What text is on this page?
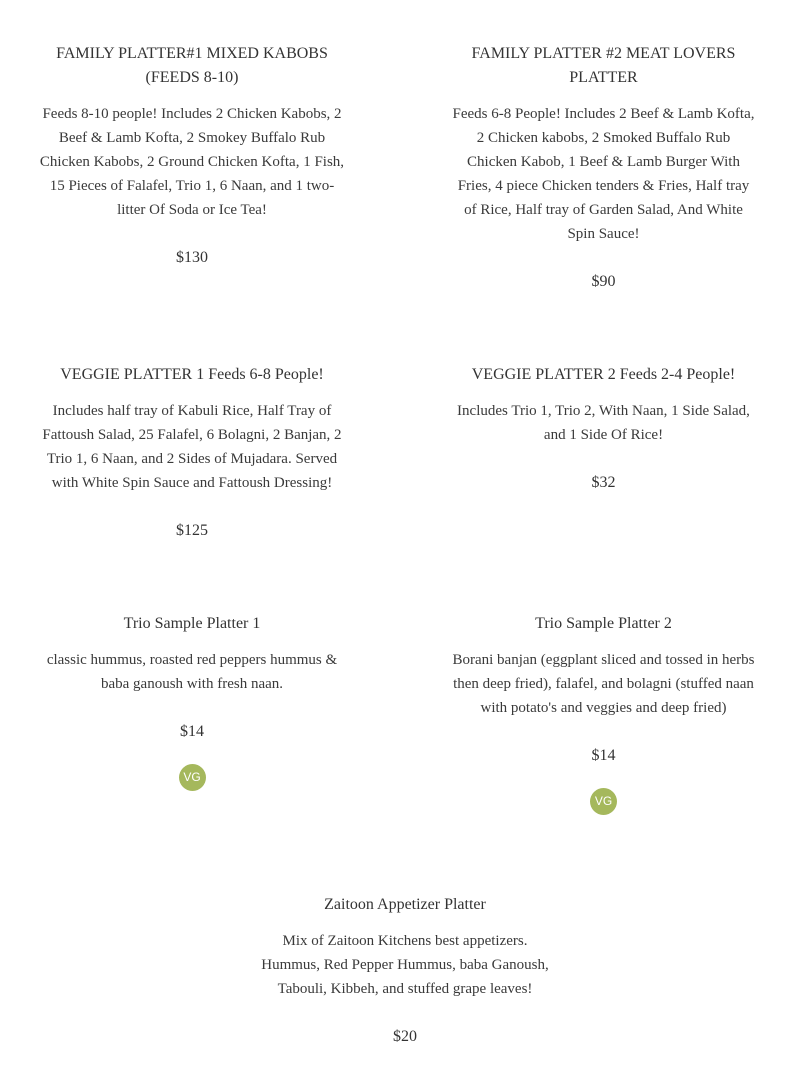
FAMILY PLATTER#1 MIXED KABOBS (FEEDS 8-10)
Feeds 8-10 people! Includes 2 Chicken Kabobs, 2 Beef & Lamb Kofta, 2 Smokey Buffalo Rub Chicken Kabobs, 2 Ground Chicken Kofta, 1 Fish, 15 Pieces of Falafel, Trio 1, 6 Naan, and 1 two-litter Of Soda or Ice Tea!
$130
FAMILY PLATTER #2 MEAT LOVERS PLATTER
Feeds 6-8 People! Includes 2 Beef & Lamb Kofta, 2 Chicken kabobs, 2 Smoked Buffalo Rub Chicken Kabob, 1 Beef & Lamb Burger With Fries, 4 piece Chicken tenders & Fries, Half tray of Rice, Half tray of Garden Salad, And White Spin Sauce!
$90
VEGGIE PLATTER 1 Feeds 6-8 People!
Includes half tray of Kabuli Rice, Half Tray of Fattoush Salad, 25 Falafel, 6 Bolagni, 2 Banjan, 2 Trio 1, 6 Naan, and 2 Sides of Mujadara. Served with White Spin Sauce and Fattoush Dressing!
$125
VEGGIE PLATTER 2 Feeds 2-4 People!
Includes Trio 1, Trio 2, With Naan, 1 Side Salad, and 1 Side Of Rice!
$32
Trio Sample Platter 1
classic hummus, roasted red peppers hummus & baba ganoush with fresh naan.
$14
VG
Trio Sample Platter 2
Borani banjan (eggplant sliced and tossed in herbs then deep fried), falafel, and bolagni (stuffed naan with potato's and veggies and deep fried)
$14
VG
Zaitoon Appetizer Platter
Mix of Zaitoon Kitchens best appetizers. Hummus, Red Pepper Hummus, baba Ganoush, Tabouli, Kibbeh, and stuffed grape leaves!
$20
